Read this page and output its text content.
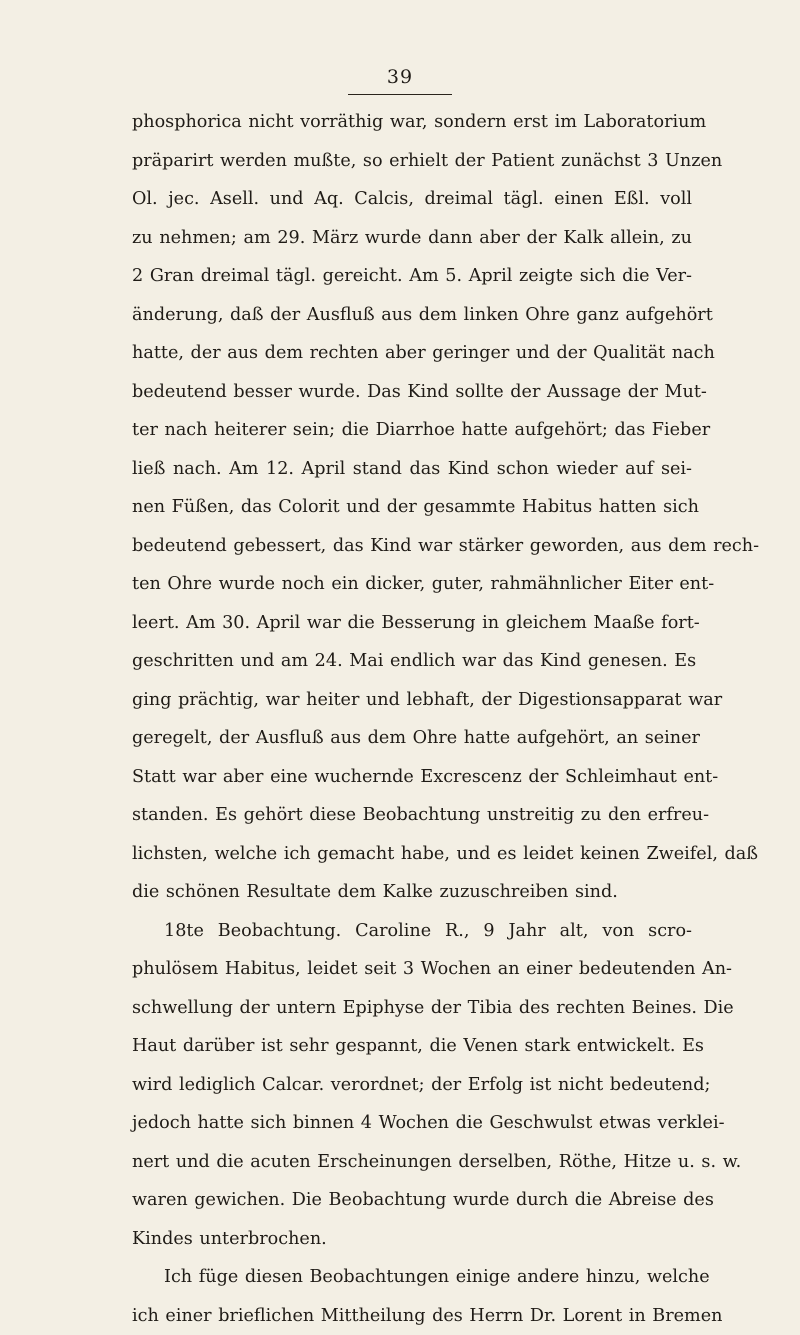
39
phosphorica nicht vorräthig war, sondern erst im Laboratorium
präparirt werden mußte, so erhielt der Patient zunächst 3 Unzen
Ol. jec. Asell. und Aq. Calcis, dreimal tägl. einen Eßl. voll
zu nehmen; am 29. März wurde dann aber der Kalk allein, zu
2 Gran dreimal tägl. gereicht. Am 5. April zeigte sich die Ver-
änderung, daß der Ausfluß aus dem linken Ohre ganz aufgehört
hatte, der aus dem rechten aber geringer und der Qualität nach
bedeutend besser wurde. Das Kind sollte der Aussage der Mut-
ter nach heiterer sein; die Diarrhoe hatte aufgehört; das Fieber
ließ nach. Am 12. April stand das Kind schon wieder auf sei-
nen Füßen, das Colorit und der gesammte Habitus hatten sich
bedeutend gebessert, das Kind war stärker geworden, aus dem rech-
ten Ohre wurde noch ein dicker, guter, rahmähnlicher Eiter ent-
leert. Am 30. April war die Besserung in gleichem Maaße fort-
geschritten und am 24. Mai endlich war das Kind genesen. Es
ging prächtig, war heiter und lebhaft, der Digestionsapparat war
geregelt, der Ausfluß aus dem Ohre hatte aufgehört, an seiner
Statt war aber eine wuchernde Excrescenz der Schleimhaut ent-
standen. Es gehört diese Beobachtung unstreitig zu den erfreu-
lichsten, welche ich gemacht habe, und es leidet keinen Zweifel, daß
die schönen Resultate dem Kalke zuzuschreiben sind.
18te Beobachtung. Caroline R., 9 Jahr alt, von scro-
phulösem Habitus, leidet seit 3 Wochen an einer bedeutenden An-
schwellung der untern Epiphyse der Tibia des rechten Beines. Die
Haut darüber ist sehr gespannt, die Venen stark entwickelt. Es
wird lediglich Calcar. verordnet; der Erfolg ist nicht bedeutend;
jedoch hatte sich binnen 4 Wochen die Geschwulst etwas verklei-
nert und die acuten Erscheinungen derselben, Röthe, Hitze u. s. w.
waren gewichen. Die Beobachtung wurde durch die Abreise des
Kindes unterbrochen.
Ich füge diesen Beobachtungen einige andere hinzu, welche
ich einer brieflichen Mittheilung des Herrn Dr. Lorent in Bremen
